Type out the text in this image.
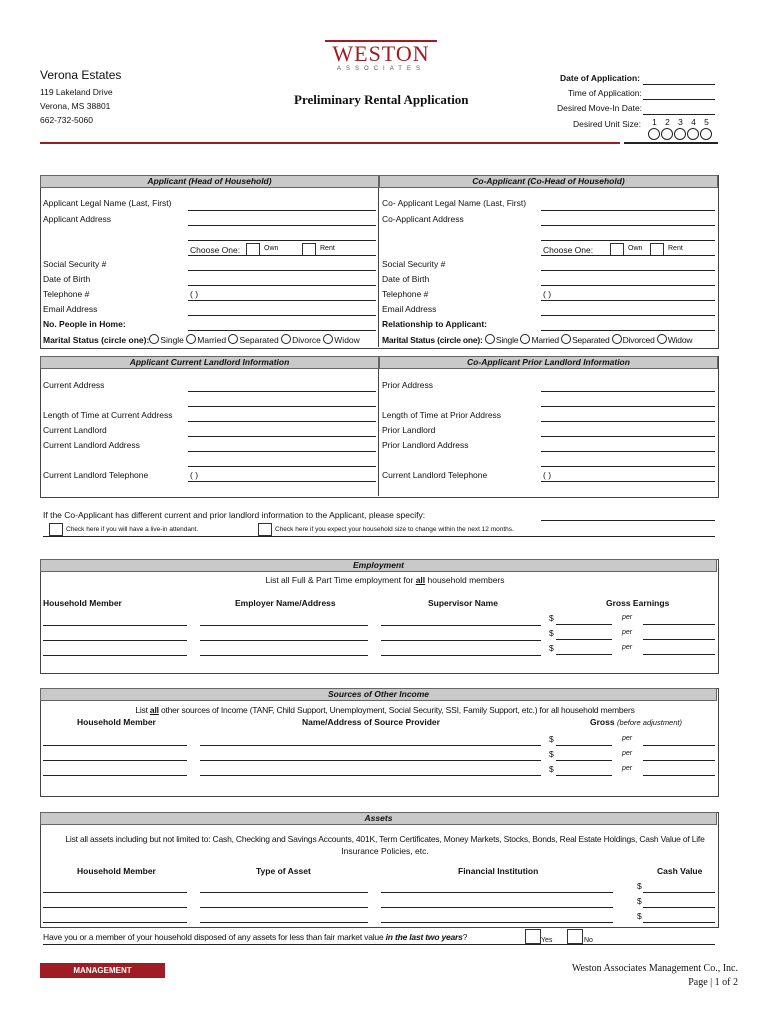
Verona Estates
119 Lakeland Drive
Verona, MS 38801
662-732-5060
WESTON
ASSOCIATES
Preliminary Rental Application
Date of Application:
Time of Application:
Desired Move-In Date:
Desired Unit Size:	1 2 3 4 5
Applicant (Head of Household)	Co-Applicant (Co-Head of Household)
Applicant Legal Name (Last, First)
Applicant Address
Choose One:	Own	Rent
Social Security #
Date of Birth
Telephone #	( )
Email Address
No. People in Home:
Marital Status (circle one): Single Married Separated Divorce Widow
Co- Applicant Legal Name (Last, First)
Co-Applicant Address
Choose One:	Own	Rent
Social Security #
Date of Birth
Telephone #	( )
Email Address
Relationship to Applicant:
Marital Status (circle one): Single Married Separated Divorced Widow
Applicant Current Landlord Information	Co-Applicant Prior Landlord Information
Current Address
Length of Time at Current Address
Current Landlord
Current Landlord Address
Current Landlord Telephone	( )
Prior Address
Length of Time at Prior Address
Prior Landlord
Prior Landlord Address
Current Landlord Telephone	( )
If the Co-Applicant has different current and prior landlord information to the Applicant, please specify:
Check here if you will have a live-in attendant.	Check here if you expect your household size to change within the next 12 months.
Employment
List all Full & Part Time employment for all household members
Household Member	Employer Name/Address	Supervisor Name	Gross Earnings
$	per
$	per
$	per
Sources of Other Income
List all other sources of Income (TANF, Child Support, Unemployment, Social Security, SSI, Family Support, etc.) for all household members
Household Member	Name/Address of Source Provider	Gross (before adjustment)
$	per
$	per
$	per
Assets
List all assets including but not limited to: Cash, Checking and Savings Accounts, 401K, Term Certificates, Money Markets, Stocks, Bonds, Real Estate Holdings, Cash Value of Life
Insurance Policies, etc.
Household Member	Type of Asset	Financial Institution	Cash Value
$
$
$
Have you or a member of your household disposed of any assets for less than fair market value in the last two years?	Yes	No
MANAGEMENT	Weston Associates Management Co., Inc.
Page | 1 of 2
